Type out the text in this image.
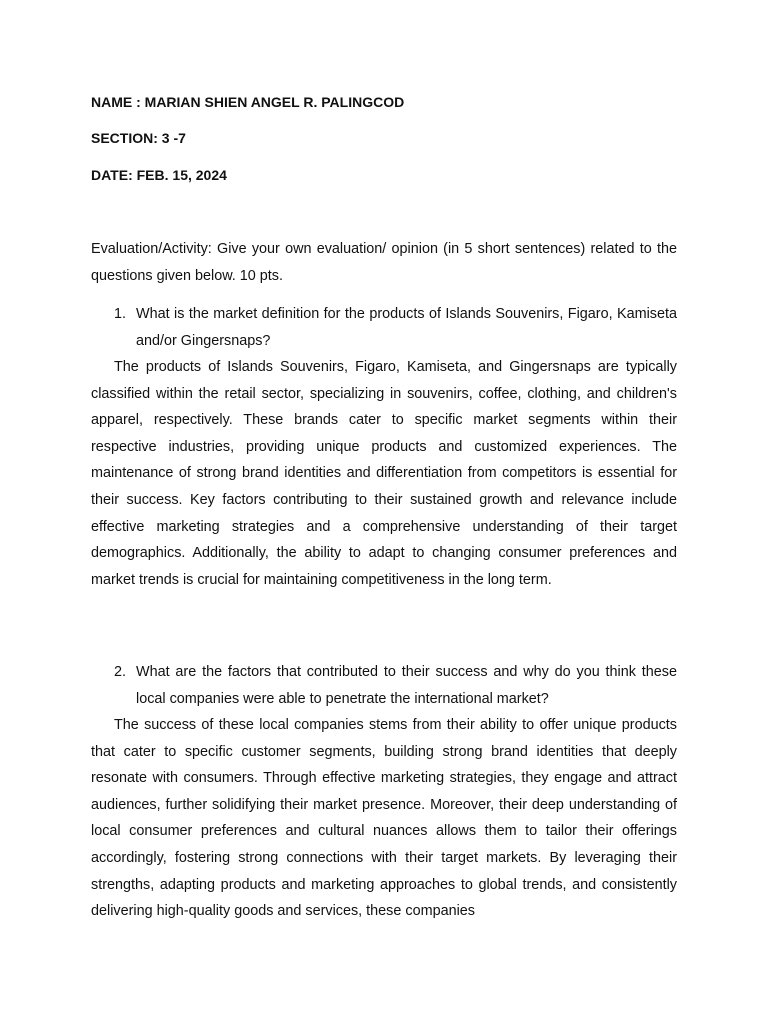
NAME : MARIAN SHIEN ANGEL R. PALINGCOD
SECTION: 3 -7
DATE: FEB. 15, 2024

Evaluation/Activity: Give your own evaluation/ opinion (in 5 short sentences) related to the questions given below. 10 pts.

1. What is the market definition for the products of Islands Souvenirs, Figaro, Kamiseta and/or Gingersnaps?

The products of Islands Souvenirs, Figaro, Kamiseta, and Gingersnaps are typically classified within the retail sector, specializing in souvenirs, coffee, clothing, and children's apparel, respectively. These brands cater to specific market segments within their respective industries, providing unique products and customized experiences. The maintenance of strong brand identities and differentiation from competitors is essential for their success. Key factors contributing to their sustained growth and relevance include effective marketing strategies and a comprehensive understanding of their target demographics. Additionally, the ability to adapt to changing consumer preferences and market trends is crucial for maintaining competitiveness in the long term.

2. What are the factors that contributed to their success and why do you think these local companies were able to penetrate the international market?

The success of these local companies stems from their ability to offer unique products that cater to specific customer segments, building strong brand identities that deeply resonate with consumers. Through effective marketing strategies, they engage and attract audiences, further solidifying their market presence. Moreover, their deep understanding of local consumer preferences and cultural nuances allows them to tailor their offerings accordingly, fostering strong connections with their target markets. By leveraging their strengths, adapting products and marketing approaches to global trends, and consistently delivering high-quality goods and services, these companies
